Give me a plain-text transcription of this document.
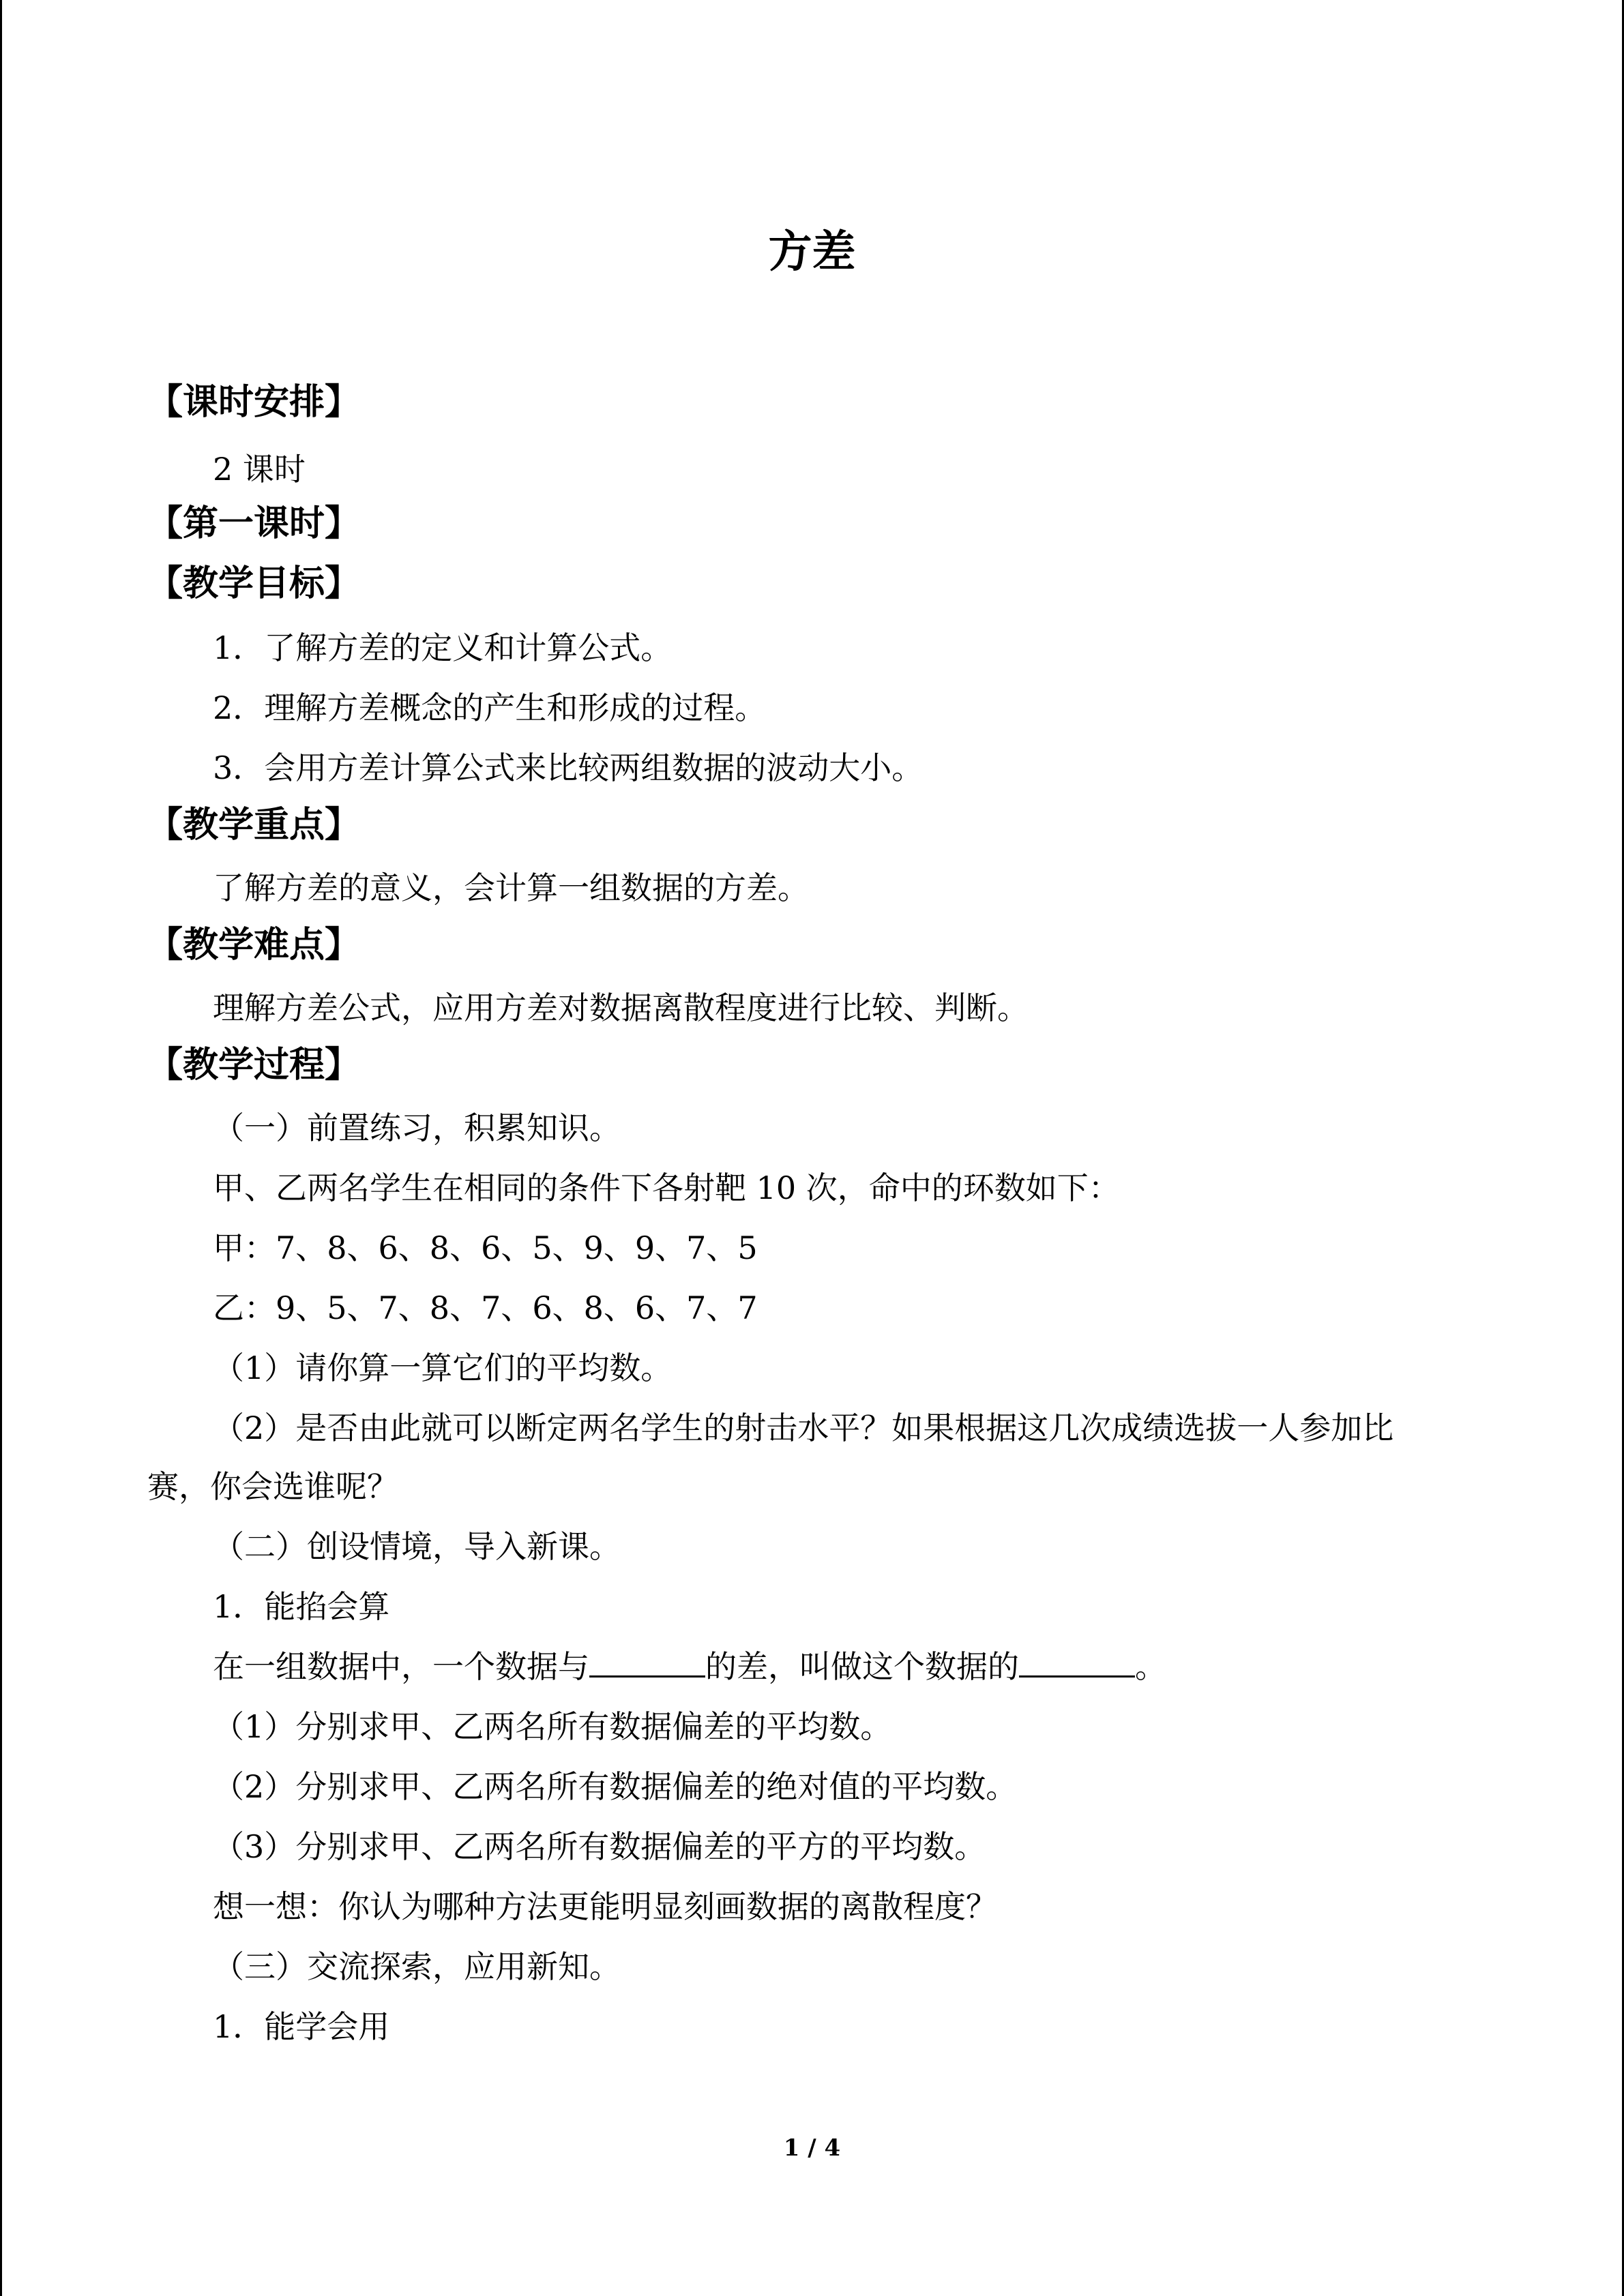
方差
【课时安排】
2 课时
【第一课时】
【教学目标】
1．了解方差的定义和计算公式。
2．理解方差概念的产生和形成的过程。
3．会用方差计算公式来比较两组数据的波动大小。
【教学重点】
了解方差的意义，会计算一组数据的方差。
【教学难点】
理解方差公式，应用方差对数据离散程度进行比较、判断。
【教学过程】
（一）前置练习，积累知识。
甲、乙两名学生在相同的条件下各射靶 10 次，命中的环数如下：
甲：7、8、6、8、6、5、9、9、7、5
乙：9、5、7、8、7、6、8、6、7、7
（1）请你算一算它们的平均数。
（2）是否由此就可以断定两名学生的射击水平？如果根据这几次成绩选拔一人参加比
赛，你会选谁呢？
（二）创设情境，导入新课。
1．能掐会算
在一组数据中，一个数据与	的差，叫做这个数据的	。
（1）分别求甲、乙两名所有数据偏差的平均数。
（2）分别求甲、乙两名所有数据偏差的绝对值的平均数。
（3）分别求甲、乙两名所有数据偏差的平方的平均数。
想一想：你认为哪种方法更能明显刻画数据的离散程度？
（三）交流探索，应用新知。
1．能学会用
1 / 4
